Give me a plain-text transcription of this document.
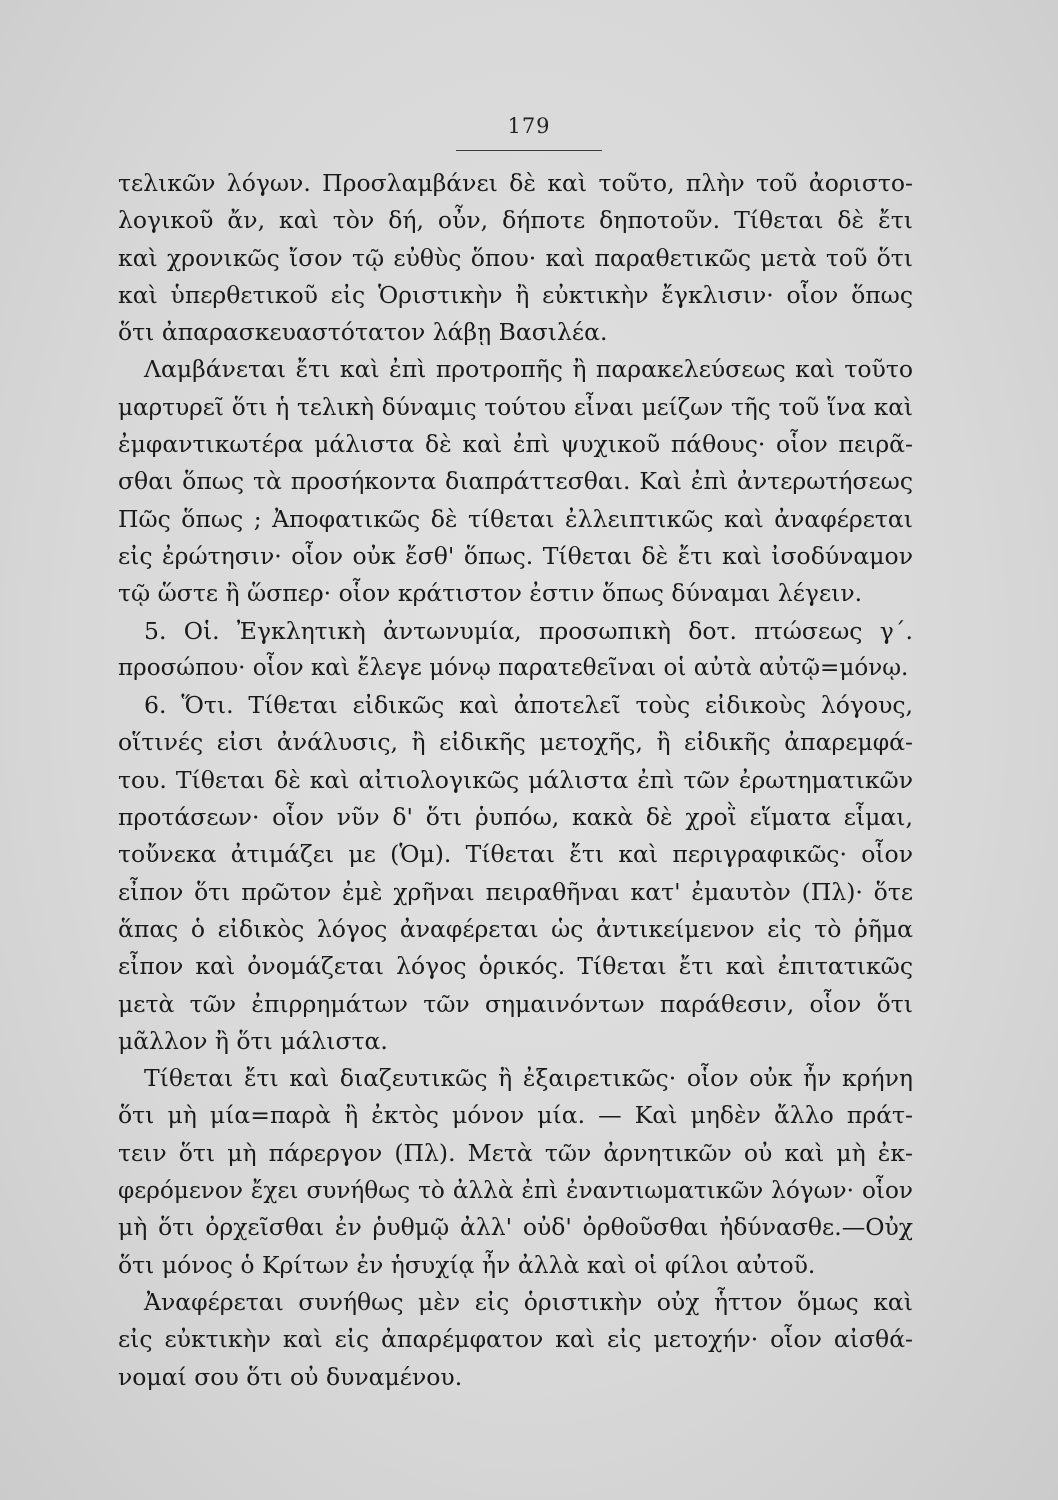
179
τελικῶν λόγων. Προσλαμβάνει δὲ καὶ τοῦτο, πλὴν τοῦ ἀοριστο-
λογικοῦ ἄν, καὶ τὸν δή, οὖν, δήποτε δηποτοῦν. Τίθεται δὲ ἔτι
καὶ χρονικῶς ἴσον τῷ εὐθὺς ὅπου· καὶ παραθετικῶς μετὰ τοῦ ὅτι
καὶ ὑπερθετικοῦ εἰς Ὁριστικὴν ἢ εὐκτικὴν ἔγκλισιν· οἷον ὅπως
ὅτι ἀπαρασκευαστότατον λάβῃ Βασιλέα.
Λαμβάνεται ἔτι καὶ ἐπὶ προτροπῆς ἢ παρακελεύσεως καὶ τοῦτο
μαρτυρεῖ ὅτι ἡ τελικὴ δύναμις τούτου εἶναι μείζων τῆς τοῦ ἵνα καὶ
ἐμφαντικωτέρα μάλιστα δὲ καὶ ἐπὶ ψυχικοῦ πάθους· οἷον πειρᾶ-
σθαι ὅπως τὰ προσήκοντα διαπράττεσθαι. Καὶ ἐπὶ ἀντερωτήσεως
Πῶς ὅπως ; Ἀποφατικῶς δὲ τίθεται ἐλλειπτικῶς καὶ ἀναφέρεται
εἰς ἐρώτησιν· οἷον οὐκ ἔσθ' ὅπως. Τίθεται δὲ ἔτι καὶ ἰσοδύναμον
τῷ ὥστε ἢ ὥσπερ· οἷον κράτιστον ἐστιν ὅπως δύναμαι λέγειν.
5. Οἱ. Ἐγκλητικὴ ἀντωνυμία, προσωπικὴ δοτ. πτώσεως γ΄.
προσώπου· οἷον καὶ ἔλεγε μόνῳ παρατεθεῖναι οἱ αὐτὰ αὐτῷ=μόνῳ.
6. Ὅτι. Τίθεται εἰδικῶς καὶ ἀποτελεῖ τοὺς εἰδικοὺς λόγους,
οἵτινές εἰσι ἀνάλυσις, ἢ εἰδικῆς μετοχῆς, ἢ εἰδικῆς ἀπαρεμφά-
του. Τίθεται δὲ καὶ αἰτιολογικῶς μάλιστα ἐπὶ τῶν ἐρωτηματικῶν
προτάσεων· οἷον νῦν δ' ὅτι ῥυπόω, κακὰ δὲ χροῒ εἵματα εἷμαι,
τοὔνεκα ἀτιμάζει με (Ὁμ). Τίθεται ἔτι καὶ περιγραφικῶς· οἷον
εἶπον ὅτι πρῶτον ἐμὲ χρῆναι πειραθῆναι κατ' ἐμαυτὸν (Πλ)· ὅτε
ἅπας ὁ εἰδικὸς λόγος ἀναφέρεται ὡς ἀντικείμενον εἰς τὸ ῥῆμα
εἶπον καὶ ὀνομάζεται λόγος ὁρικός. Τίθεται ἔτι καὶ ἐπιτατικῶς
μετὰ τῶν ἐπιρρημάτων τῶν σημαινόντων παράθεσιν, οἷον ὅτι
μᾶλλον ἢ ὅτι μάλιστα.
Τίθεται ἔτι καὶ διαζευτικῶς ἢ ἐξαιρετικῶς· οἷον οὐκ ἦν κρήνη
ὅτι μὴ μία=παρὰ ἢ ἐκτὸς μόνον μία. — Καὶ μηδὲν ἄλλο πράτ-
τειν ὅτι μὴ πάρεργον (Πλ). Μετὰ τῶν ἀρνητικῶν οὐ καὶ μὴ ἐκ-
φερόμενον ἔχει συνήθως τὸ ἀλλὰ ἐπὶ ἐναντιωματικῶν λόγων· οἷον
μὴ ὅτι ὀρχεῖσθαι ἐν ῥυθμῷ ἀλλ' οὐδ' ὀρθοῦσθαι ἠδύνασθε.—Οὐχ
ὅτι μόνος ὁ Κρίτων ἐν ἡσυχίᾳ ἦν ἀλλὰ καὶ οἱ φίλοι αὐτοῦ.
Ἀναφέρεται συνήθως μὲν εἰς ὁριστικὴν οὐχ ἧττον ὅμως καὶ
εἰς εὐκτικὴν καὶ εἰς ἀπαρέμφατον καὶ εἰς μετοχήν· οἷον αἰσθά-
νομαί σου ὅτι οὐ δυναμένου.
